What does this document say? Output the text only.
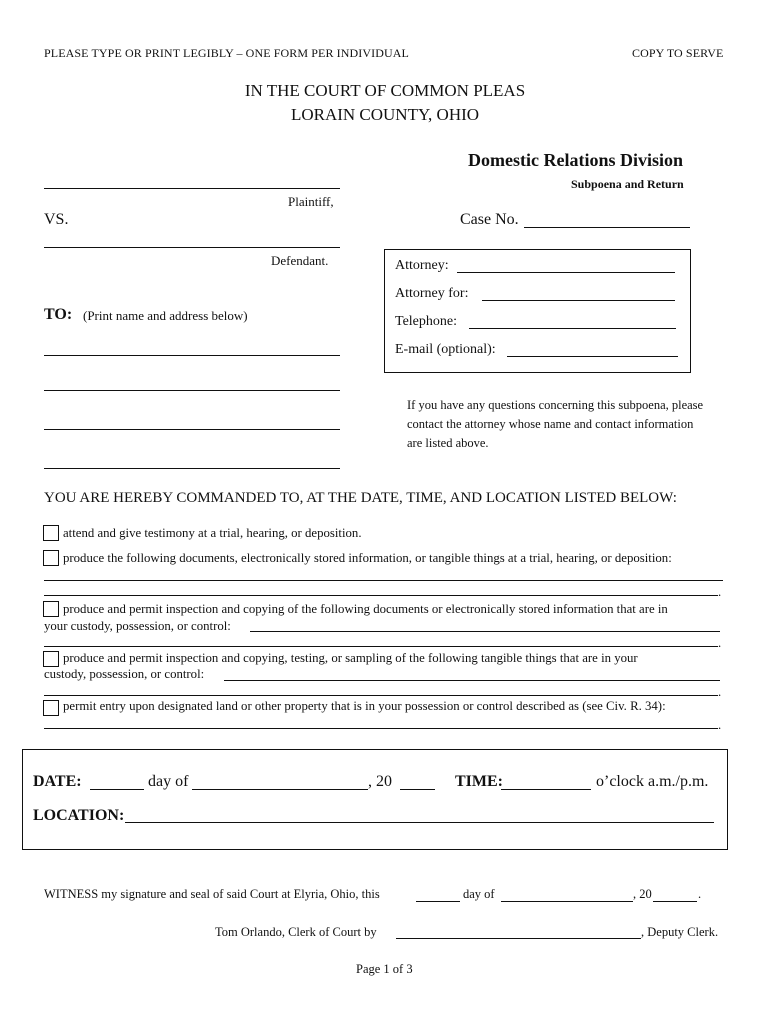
PLEASE TYPE OR PRINT LEGIBLY – ONE FORM PER INDIVIDUAL	COPY TO SERVE
IN THE COURT OF COMMON PLEAS
LORAIN COUNTY, OHIO
Domestic Relations Division
Subpoena and Return
Plaintiff,
VS.	Case No.
Defendant.
TO: (Print name and address below)
Attorney:
Attorney for:
Telephone:
E-mail (optional):
If you have any questions concerning this subpoena, please contact the attorney whose name and contact information are listed above.
YOU ARE HEREBY COMMANDED TO, AT THE DATE, TIME, AND LOCATION LISTED BELOW:
attend and give testimony at a trial, hearing, or deposition.
produce the following documents, electronically stored information, or tangible things at a trial, hearing, or deposition:
.
produce and permit inspection and copying of the following documents or electronically stored information that are in
your custody, possession, or control:
.
produce and permit inspection and copying, testing, or sampling of the following tangible things that are in your
custody, possession, or control:
.
permit entry upon designated land or other property that is in your possession or control described as (see Civ. R. 34):
.
DATE:	day of	, 20	TIME:	o’clock a.m./p.m.
LOCATION:
WITNESS my signature and seal of said Court at Elyria, Ohio, this	day of	, 20	.
Tom Orlando, Clerk of Court by	, Deputy Clerk.
Page 1 of 3
